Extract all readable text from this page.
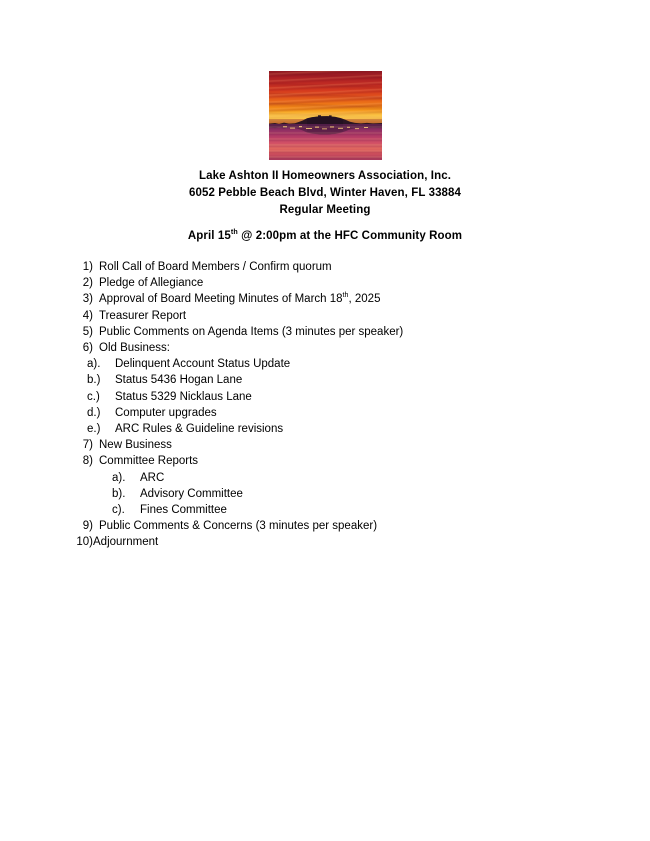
Lake Ashton II Homeowners Association, Inc.
6052 Pebble Beach Blvd, Winter Haven, FL 33884
Regular Meeting
April 15th @ 2:00pm at the HFC Community Room
1) Roll Call of Board Members / Confirm quorum
2) Pledge of Allegiance
3) Approval of Board Meeting Minutes of March 18th, 2025
4) Treasurer Report
5) Public Comments on Agenda Items (3 minutes per speaker)
6) Old Business:
a).	Delinquent Account Status Update
b.)	Status 5436 Hogan Lane
c.)	Status 5329 Nicklaus Lane
d.)	Computer upgrades
e.)	ARC Rules & Guideline revisions
7) New Business
8) Committee Reports
a).	ARC
b).	Advisory Committee
c).	Fines Committee
9) Public Comments & Concerns (3 minutes per speaker)
10) Adjournment
